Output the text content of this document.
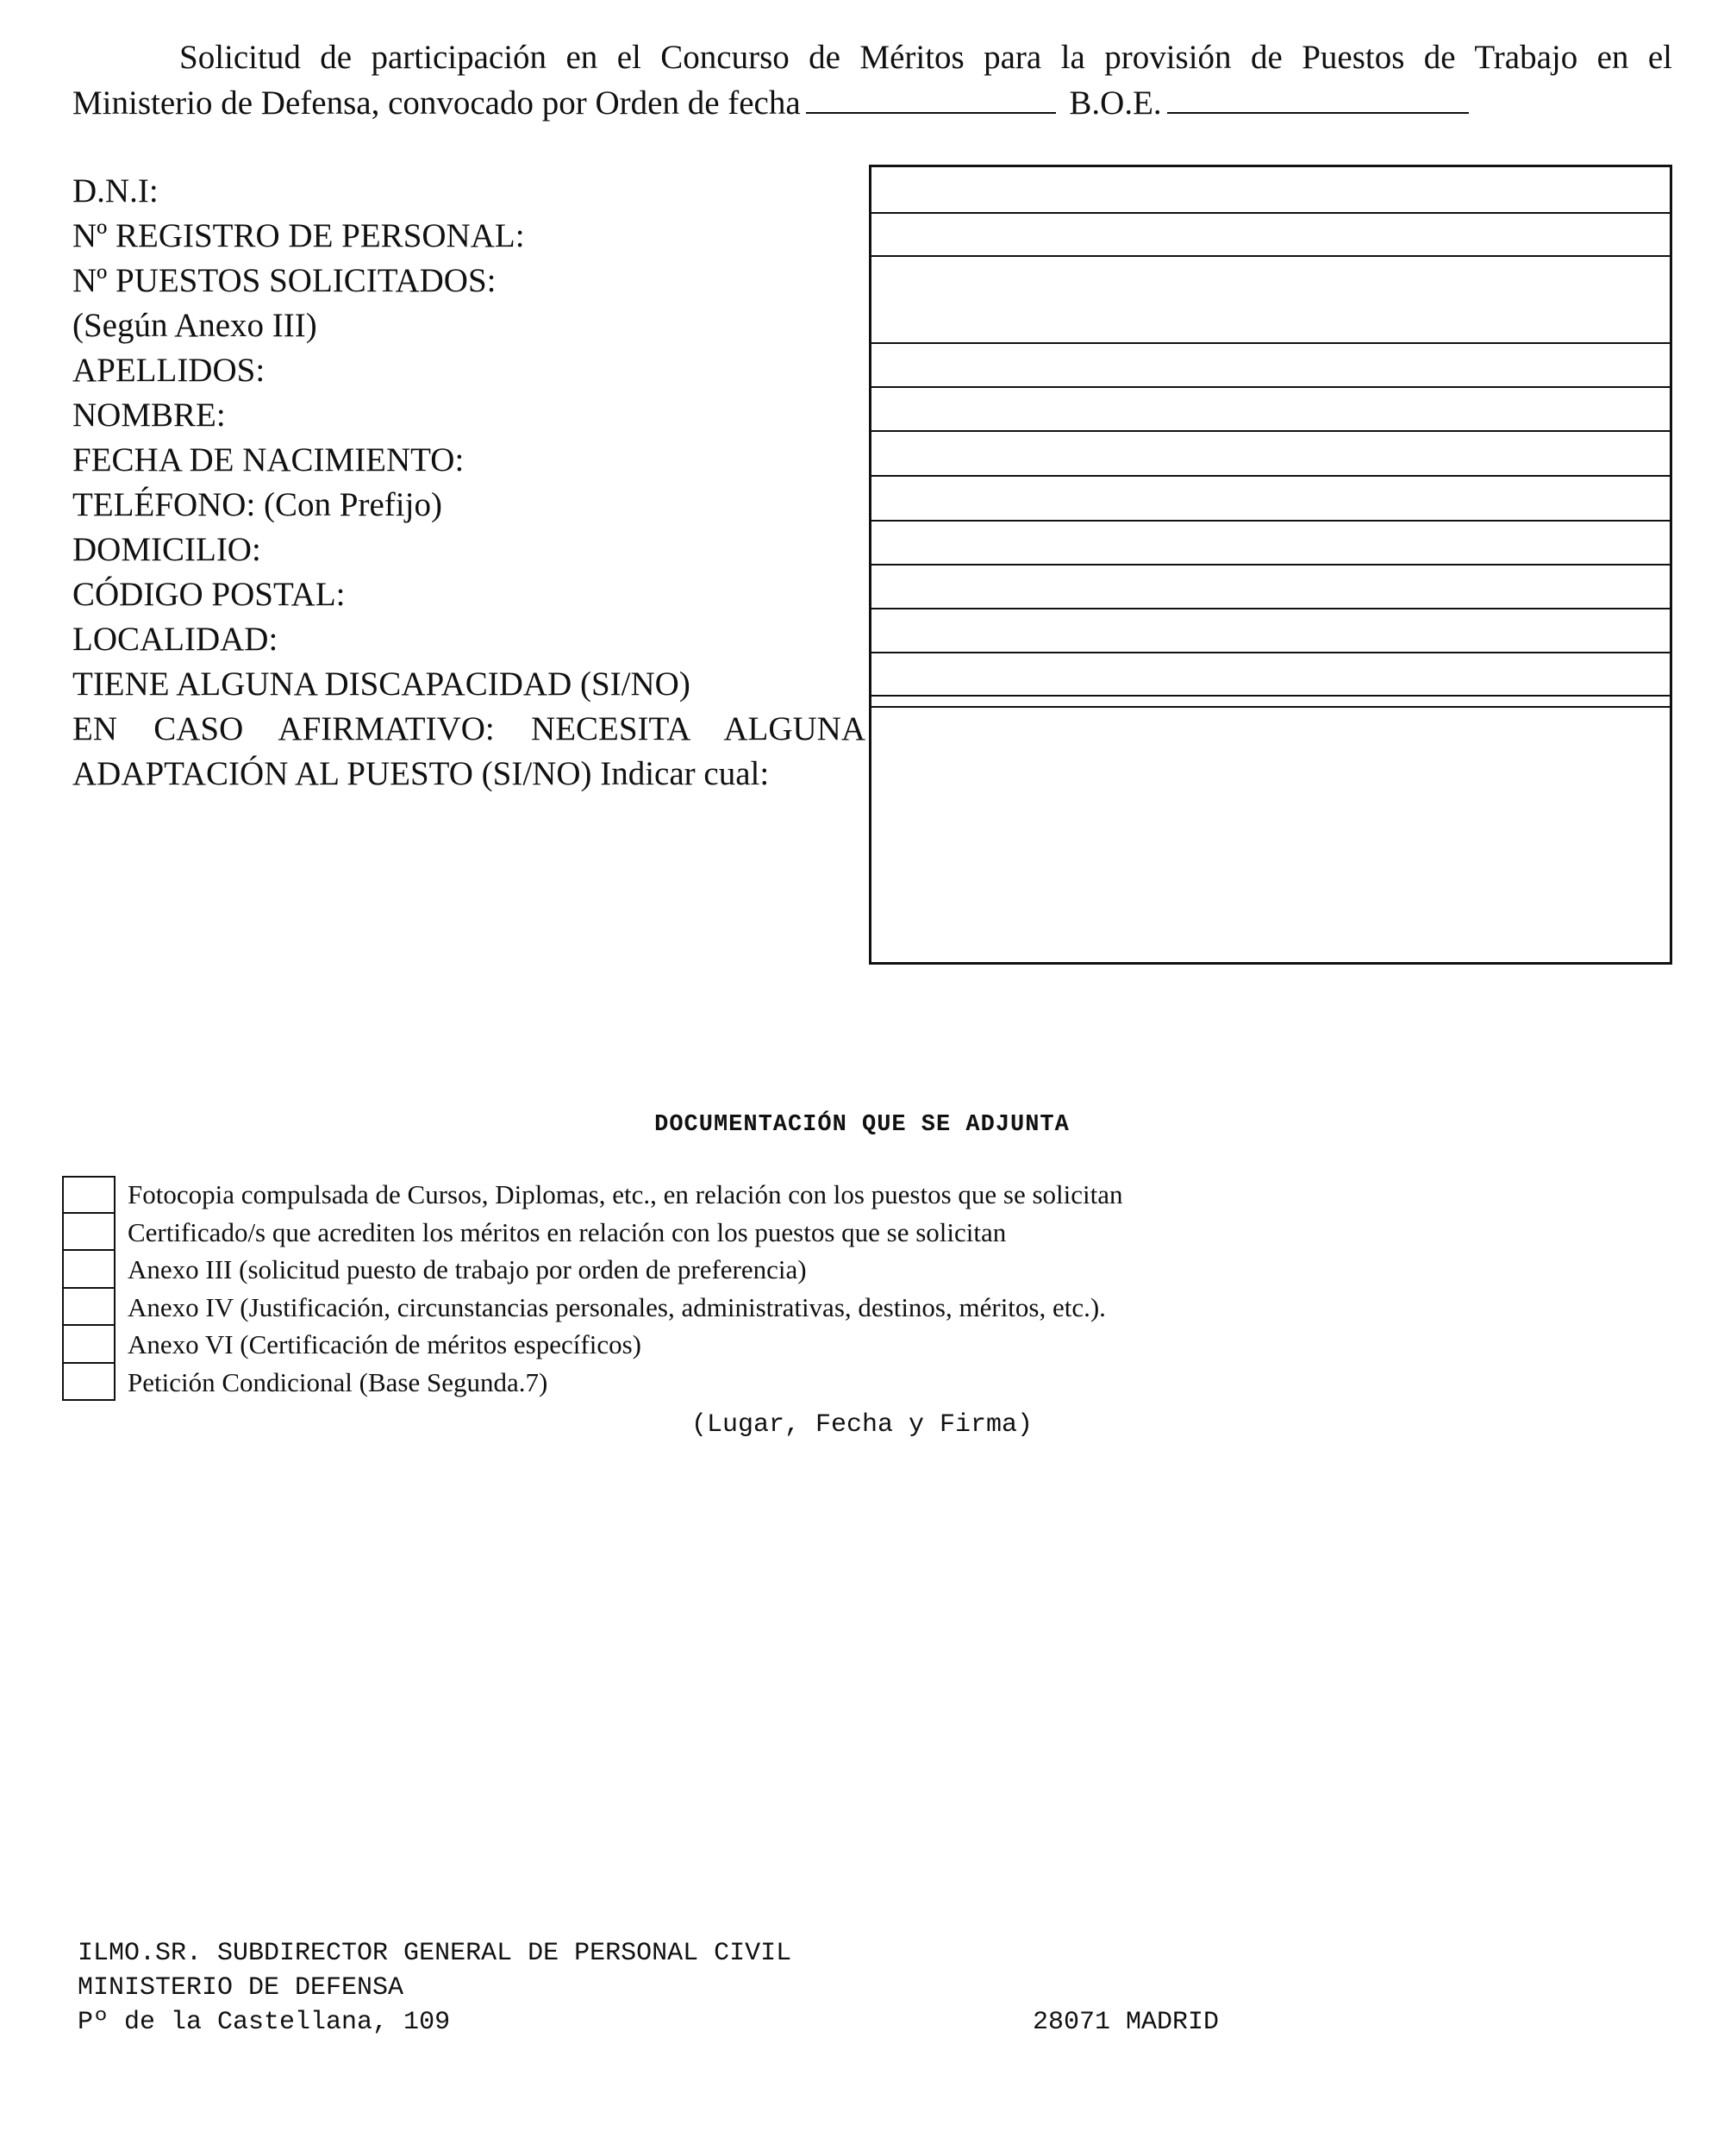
Solicitud de participación en el Concurso de Méritos para la provisión de Puestos de Trabajo en el
Ministerio de Defensa, convocado por Orden de fecha	B.O.E.
D.N.I:
Nº REGISTRO DE PERSONAL:
Nº PUESTOS SOLICITADOS:
(Según Anexo III)
APELLIDOS:
NOMBRE:
FECHA DE NACIMIENTO:
TELÉFONO: (Con Prefijo)
DOMICILIO:
CÓDIGO POSTAL:
LOCALIDAD:
TIENE ALGUNA DISCAPACIDAD (SI/NO)
EN CASO AFIRMATIVO: NECESITA ALGUNA
ADAPTACIÓN AL PUESTO (SI/NO) Indicar cual:
DOCUMENTACIÓN QUE SE ADJUNTA
Fotocopia compulsada de Cursos, Diplomas, etc., en relación con los puestos que se solicitan
Certificado/s que acrediten los méritos en relación con los puestos que se solicitan
Anexo III (solicitud puesto de trabajo por orden de preferencia)
Anexo IV (Justificación, circunstancias personales, administrativas, destinos, méritos, etc.).
Anexo VI (Certificación de méritos específicos)
Petición Condicional (Base Segunda.7)
(Lugar, Fecha y Firma)
ILMO.SR. SUBDIRECTOR GENERAL DE PERSONAL CIVIL
MINISTERIO DE DEFENSA
Pº de la Castellana, 109	28071 MADRID
